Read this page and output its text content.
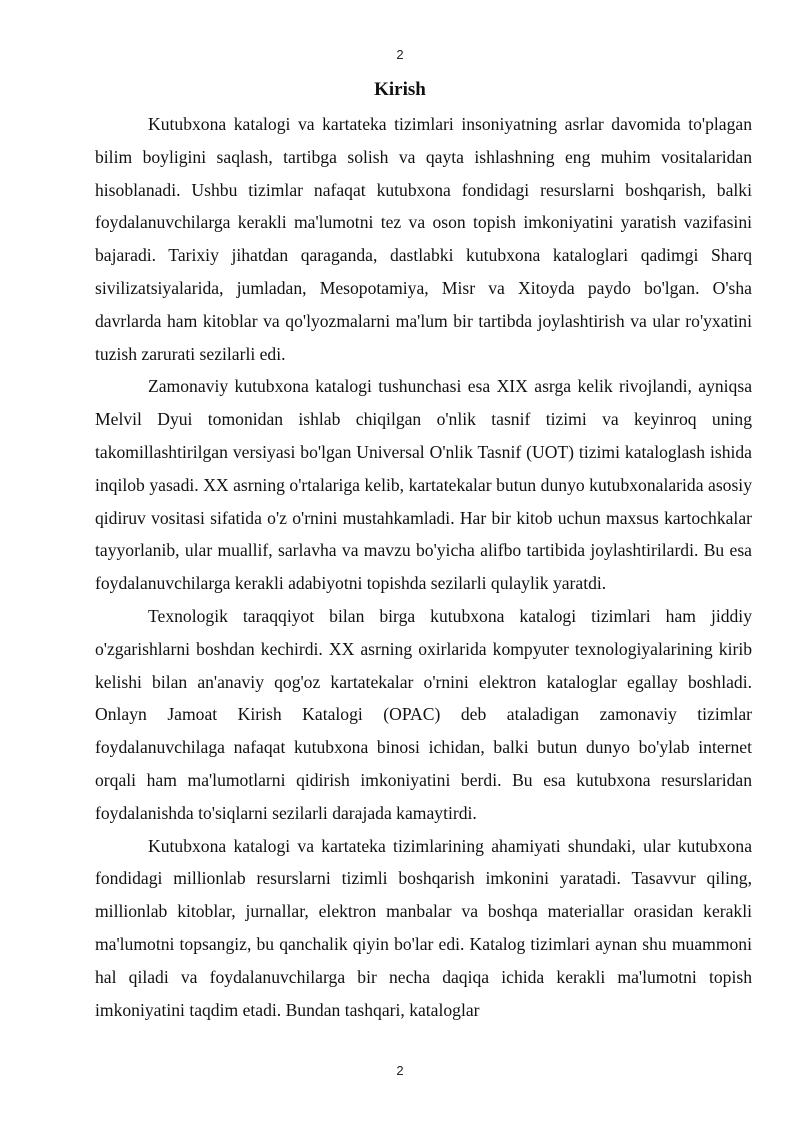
2
Kirish

Kutubxona katalogi va kartateka tizimlari insoniyatning asrlar davomida to'plagan bilim boyligini saqlash, tartibga solish va qayta ishlashning eng muhim vositalaridan hisoblanadi. Ushbu tizimlar nafaqat kutubxona fondidagi resurslarni boshqarish, balki foydalanuvchilarga kerakli ma'lumotni tez va oson topish imkoniyatini yaratish vazifasini bajaradi. Tarixiy jihatdan qaraganda, dastlabki kutubxona kataloglari qadimgi Sharq sivilizatsiyalarida, jumladan, Mesopotamiya, Misr va Xitoyda paydo bo'lgan. O'sha davrlarda ham kitoblar va qo'lyozmalarni ma'lum bir tartibda joylashtirish va ular ro'yxatini tuzish zarurati sezilarli edi.

Zamonaviy kutubxona katalogi tushunchasi esa XIX asrga kelik rivojlandi, ayniqsa Melvil Dyui tomonidan ishlab chiqilgan o'nlik tasnif tizimi va keyinroq uning takomillashtirilgan versiyasi bo'lgan Universal O'nlik Tasnif (UOT) tizimi kataloglash ishida inqilob yasadi. XX asrning o'rtalariga kelib, kartatekalar butun dunyo kutubxonalarida asosiy qidiruv vositasi sifatida o'z o'rnini mustahkamladi. Har bir kitob uchun maxsus kartochkalar tayyorlanib, ular muallif, sarlavha va mavzu bo'yicha alifbo tartibida joylashtirilardi. Bu esa foydalanuvchilarga kerakli adabiyotni topishda sezilarli qulaylik yaratdi.

Texnologik taraqqiyot bilan birga kutubxona katalogi tizimlari ham jiddiy o'zgarishlarni boshdan kechirdi. XX asrning oxirlarida kompyuter texnologiyalarining kirib kelishi bilan an'anaviy qog'oz kartatekalar o'rnini elektron kataloglar egallay boshladi. Onlayn Jamoat Kirish Katalogi (OPAC) deb ataladigan zamonaviy tizimlar foydalanuvchilaga nafaqat kutubxona binosi ichidan, balki butun dunyo bo'ylab internet orqali ham ma'lumotlarni qidirish imkoniyatini berdi. Bu esa kutubxona resurslaridan foydalanishda to'siqlarni sezilarli darajada kamaytirdi.

Kutubxona katalogi va kartateka tizimlarining ahamiyati shundaki, ular kutubxona fondidagi millionlab resurslarni tizimli boshqarish imkonini yaratadi. Tasavvur qiling, millionlab kitoblar, jurnallar, elektron manbalar va boshqa materiallar orasidan kerakli ma'lumotni topsangiz, bu qanchalik qiyin bo'lar edi. Katalog tizimlari aynan shu muammoni hal qiladi va foydalanuvchilarga bir necha daqiqa ichida kerakli ma'lumotni topish imkoniyatini taqdim etadi. Bundan tashqari, kataloglar

2
